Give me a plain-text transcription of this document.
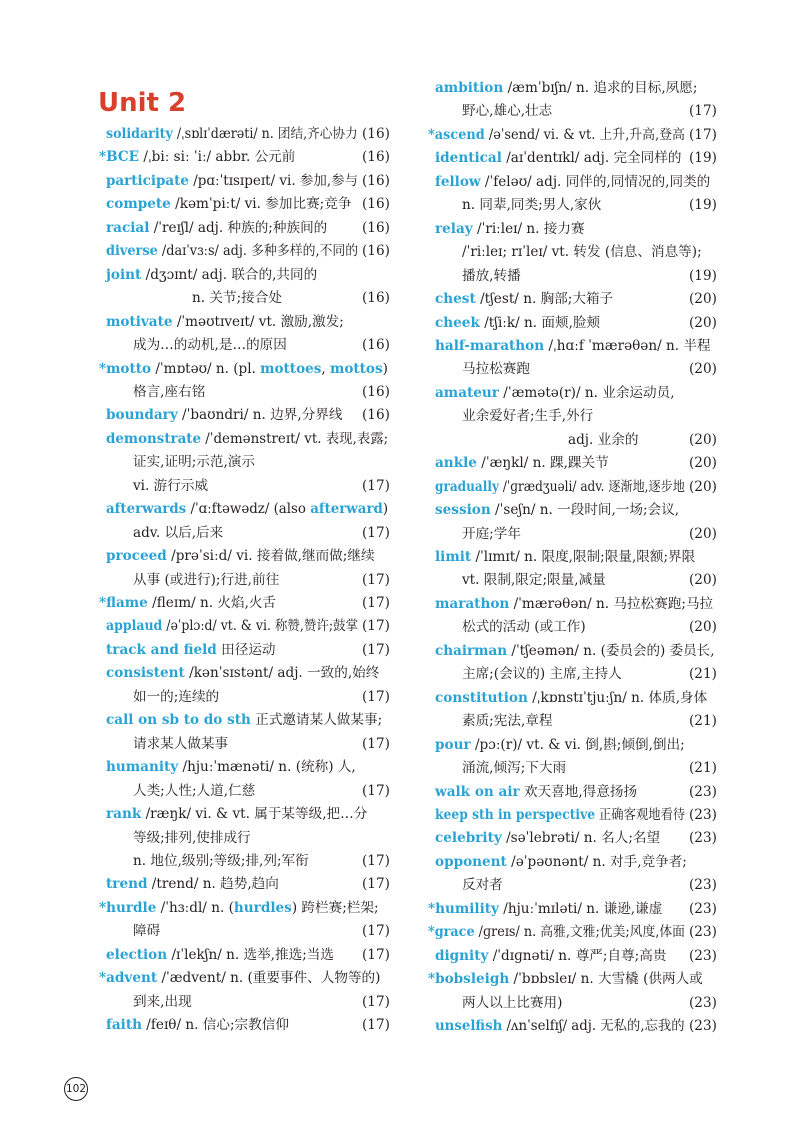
Unit 2
solidarity /ˌsɒlɪˈdærəti/ n. 团结,齐心协力 (16)
*BCE /ˌbiː siː ˈiː/ abbr. 公元前	(16)
participate /pɑːˈtɪsɪpeɪt/ vi. 参加,参与 (16)
compete /kəmˈpiːt/ vi. 参加比赛;竞争 (16)
racial /ˈreɪʃl/ adj. 种族的;种族间的	(16)
diverse /daɪˈvɜːs/ adj. 多种多样的,不同的 (16)
joint /dʒɔɪnt/ adj. 联合的,共同的
n. 关节;接合处	(16)
motivate /ˈməʊtɪveɪt/ vt. 激励,激发;
成为…的动机,是…的原因	(16)
*motto /ˈmɒtəʊ/ n. (pl. mottoes, mottos)
格言,座右铭	(16)
boundary /ˈbaʊndri/ n. 边界,分界线 (16)
demonstrate /ˈdemənstreɪt/ vt. 表现,表露;
证实,证明;示范,演示
vi. 游行示威	(17)
afterwards /ˈɑːftəwədz/ (also afterward)
adv. 以后,后来	(17)
proceed /prəˈsiːd/ vi. 接着做,继而做;继续
从事 (或进行);行进,前往	(17)
*flame /fleɪm/ n. 火焰,火舌	(17)
applaud /əˈplɔːd/ vt. & vi. 称赞,赞许;鼓掌 (17)
track and field 田径运动	(17)
consistent /kənˈsɪstənt/ adj. 一致的,始终
如一的;连续的	(17)
call on sb to do sth 正式邀请某人做某事;
请求某人做某事	(17)
humanity /hjuːˈmænəti/ n. (统称) 人,
人类;人性;人道,仁慈	(17)
rank /ræŋk/ vi. & vt. 属于某等级,把…分
等级;排列,使排成行
n. 地位,级别;等级;排,列;军衔	(17)
trend /trend/ n. 趋势,趋向	(17)
*hurdle /ˈhɜːdl/ n. (hurdles) 跨栏赛;栏架;
障碍	(17)
election /ɪˈlekʃn/ n. 选举,推选;当选 (17)
*advent /ˈædvent/ n. (重要事件、人物等的)
到来,出现	(17)
faith /feɪθ/ n. 信心;宗教信仰	(17)
ambition /æmˈbɪʃn/ n. 追求的目标,夙愿;
野心,雄心,壮志	(17)
*ascend /əˈsend/ vi. & vt. 上升,升高,登高 (17)
identical /aɪˈdentɪkl/ adj. 完全同样的 (19)
fellow /ˈfeləʊ/ adj. 同伴的,同情况的,同类的
n. 同辈,同类;男人,家伙	(19)
relay /ˈriːleɪ/ n. 接力赛
/ˈriːleɪ; rɪˈleɪ/ vt. 转发 (信息、消息等);
播放,转播	(19)
chest /tʃest/ n. 胸部;大箱子	(20)
cheek /tʃiːk/ n. 面颊,脸颊	(20)
half-marathon /ˌhɑːf ˈmærəθən/ n. 半程
马拉松赛跑	(20)
amateur /ˈæmətə(r)/ n. 业余运动员,
业余爱好者;生手,外行
adj. 业余的	(20)
ankle /ˈæŋkl/ n. 踝,踝关节	(20)
gradually /ˈɡrædʒuəli/ adv. 逐渐地,逐步地 (20)
session /ˈseʃn/ n. 一段时间,一场;会议,
开庭;学年	(20)
limit /ˈlɪmɪt/ n. 限度,限制;限量,限额;界限
vt. 限制,限定;限量,减量	(20)
marathon /ˈmærəθən/ n. 马拉松赛跑;马拉
松式的活动 (或工作)	(20)
chairman /ˈtʃeəmən/ n. (委员会的) 委员长,
主席;(会议的) 主席,主持人	(21)
constitution /ˌkɒnstɪˈtjuːʃn/ n. 体质,身体
素质;宪法,章程	(21)
pour /pɔː(r)/ vt. & vi. 倒,斟;倾倒,倒出;
涌流,倾泻;下大雨	(21)
walk on air 欢天喜地,得意扬扬	(23)
keep sth in perspective 正确客观地看待 (23)
celebrity /səˈlebrəti/ n. 名人;名望 (23)
opponent /əˈpəʊnənt/ n. 对手,竞争者;
反对者	(23)
*humility /hjuːˈmɪləti/ n. 谦逊,谦虚 (23)
*grace /ɡreɪs/ n. 高雅,文雅;优美;风度,体面 (23)
dignity /ˈdɪɡnəti/ n. 尊严;自尊;高贵 (23)
*bobsleigh /ˈbɒbsleɪ/ n. 大雪橇 (供两人或
两人以上比赛用)	(23)
unselfish /ʌnˈselfɪʃ/ adj. 无私的,忘我的 (23)
102
